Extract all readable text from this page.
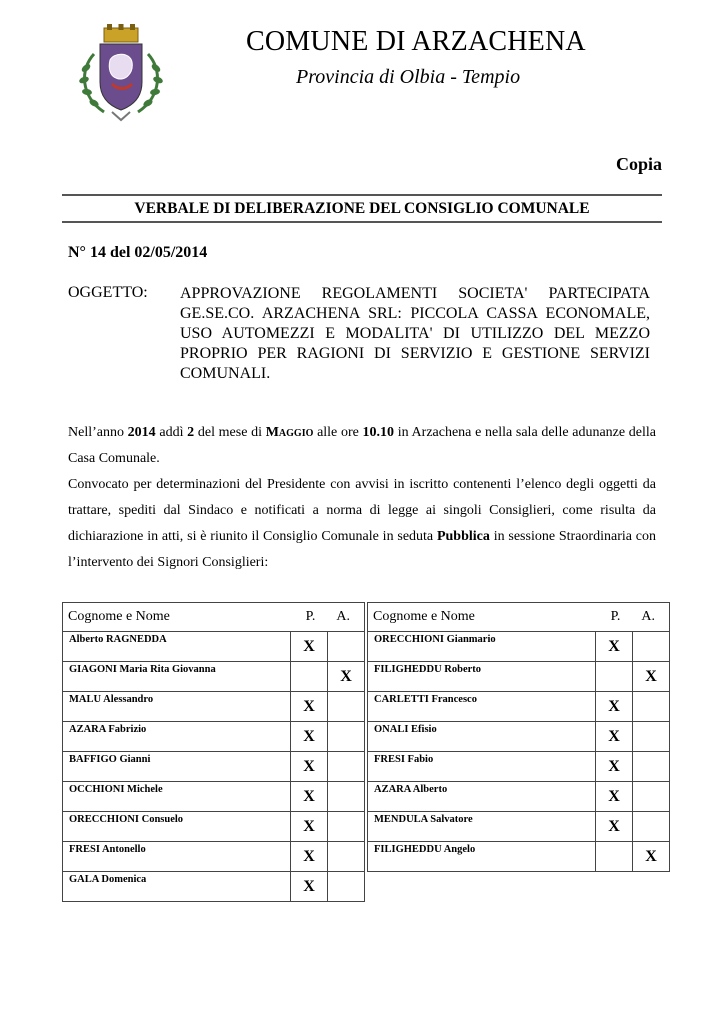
COMUNE DI ARZACHENA
Provincia di Olbia - Tempio
Copia
VERBALE DI DELIBERAZIONE DEL CONSIGLIO COMUNALE
N° 14 del 02/05/2014
OGGETTO: APPROVAZIONE REGOLAMENTI SOCIETA' PARTECIPATA GE.SE.CO. ARZACHENA SRL: PICCOLA CASSA ECONOMALE, USO AUTOMEZZI E MODALITA' DI UTILIZZO DEL MEZZO PROPRIO PER RAGIONI DI SERVIZIO E GESTIONE SERVIZI COMUNALI.
Nell’anno 2014 addì 2 del mese di Maggio alle ore 10.10 in Arzachena e nella sala delle adunanze della Casa Comunale.
Convocato per determinazioni del Presidente con avvisi in iscritto contenenti l’elenco degli oggetti da trattare, spediti dal Sindaco e notificati a norma di legge ai singoli Consiglieri, come risulta da dichiarazione in atti, si è riunito il Consiglio Comunale in seduta Pubblica in sessione Straordinaria con l’intervento dei Signori Consiglieri:
Cognome e Nome P. A.		

Alberto RAGNEDDA	X	
GIAGONI Maria Rita Giovanna		X
MALU Alessandro	X	
AZARA Fabrizio	X	
BAFFIGO Gianni	X	
OCCHIONI Michele	X	
ORECCHIONI Consuelo	X	
FRESI Antonello	X	
GALA Domenica	X	
Cognome e Nome P. A.		

ORECCHIONI Gianmario	X	
FILIGHEDDU Roberto		X
CARLETTI Francesco	X	
ONALI Efisio	X	
FRESI Fabio	X	
AZARA Alberto	X	
MENDULA Salvatore	X	
FILIGHEDDU Angelo		X
